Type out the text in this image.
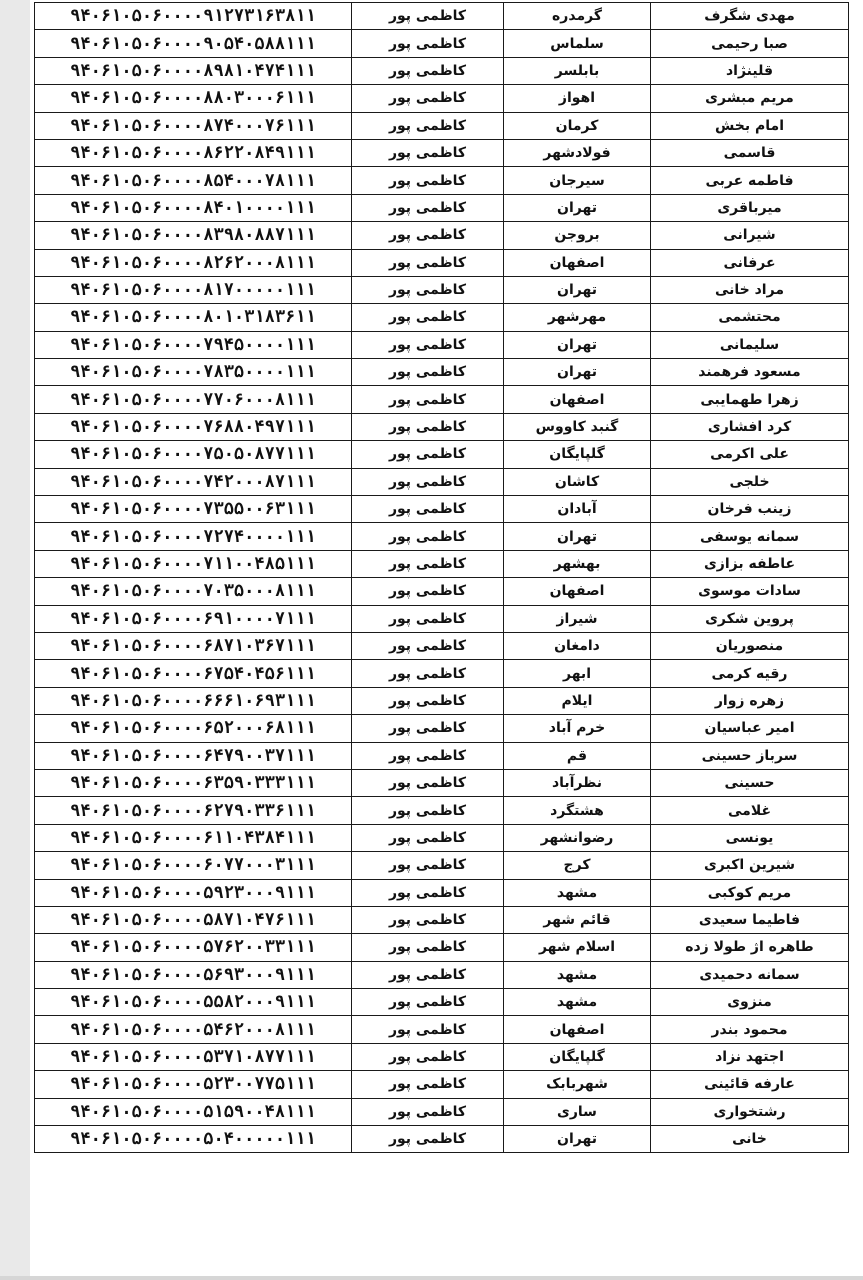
مهدی شگرف	گرمدره	کاظمی پور	۹۴۰۶۱۰۵۰۶۰۰۰۰۹۱۲۷۳۱۶۳۸۱۱
صبا رحیمی	سلماس	کاظمی پور	۹۴۰۶۱۰۵۰۶۰۰۰۰۹۰۵۴۰۵۸۸۱۱۱
قلینژاد	بابلسر	کاظمی پور	۹۴۰۶۱۰۵۰۶۰۰۰۰۸۹۸۱۰۴۷۴۱۱۱
مریم مبشری	اهواز	کاظمی پور	۹۴۰۶۱۰۵۰۶۰۰۰۰۸۸۰۳۰۰۰۶۱۱۱
امام بخش	کرمان	کاظمی پور	۹۴۰۶۱۰۵۰۶۰۰۰۰۸۷۴۰۰۰۷۶۱۱۱
قاسمی	فولادشهر	کاظمی پور	۹۴۰۶۱۰۵۰۶۰۰۰۰۸۶۲۲۰۸۴۹۱۱۱
فاطمه عربی	سیرجان	کاظمی پور	۹۴۰۶۱۰۵۰۶۰۰۰۰۸۵۴۰۰۰۷۸۱۱۱
میرباقری	تهران	کاظمی پور	۹۴۰۶۱۰۵۰۶۰۰۰۰۸۴۰۱۰۰۰۰۱۱۱
شیرانی	بروجن	کاظمی پور	۹۴۰۶۱۰۵۰۶۰۰۰۰۸۳۹۸۰۸۸۷۱۱۱
عرفانی	اصفهان	کاظمی پور	۹۴۰۶۱۰۵۰۶۰۰۰۰۸۲۶۲۰۰۰۸۱۱۱
مراد خانی	تهران	کاظمی پور	۹۴۰۶۱۰۵۰۶۰۰۰۰۸۱۷۰۰۰۰۰۱۱۱
محتشمی	مهرشهر	کاظمی پور	۹۴۰۶۱۰۵۰۶۰۰۰۰۸۰۱۰۳۱۸۳۶۱۱
سلیمانی	تهران	کاظمی پور	۹۴۰۶۱۰۵۰۶۰۰۰۰۷۹۴۵۰۰۰۰۱۱۱
مسعود فرهمند	تهران	کاظمی پور	۹۴۰۶۱۰۵۰۶۰۰۰۰۷۸۳۵۰۰۰۰۱۱۱
زهرا طهمایبی	اصفهان	کاظمی پور	۹۴۰۶۱۰۵۰۶۰۰۰۰۷۷۰۶۰۰۰۸۱۱۱
کرد افشاری	گنبد کاووس	کاظمی پور	۹۴۰۶۱۰۵۰۶۰۰۰۰۷۶۸۸۰۴۹۷۱۱۱
علی اکرمی	گلپایگان	کاظمی پور	۹۴۰۶۱۰۵۰۶۰۰۰۰۷۵۰۵۰۸۷۷۱۱۱
خلجی	کاشان	کاظمی پور	۹۴۰۶۱۰۵۰۶۰۰۰۰۷۴۲۰۰۰۸۷۱۱۱
زینب فرخان	آبادان	کاظمی پور	۹۴۰۶۱۰۵۰۶۰۰۰۰۷۳۵۵۰۰۶۳۱۱۱
سمانه یوسفی	تهران	کاظمی پور	۹۴۰۶۱۰۵۰۶۰۰۰۰۷۲۷۴۰۰۰۰۱۱۱
عاطفه بزازی	بهشهر	کاظمی پور	۹۴۰۶۱۰۵۰۶۰۰۰۰۷۱۱۰۰۴۸۵۱۱۱
سادات موسوی	اصفهان	کاظمی پور	۹۴۰۶۱۰۵۰۶۰۰۰۰۷۰۳۵۰۰۰۸۱۱۱
پروین شکری	شیراز	کاظمی پور	۹۴۰۶۱۰۵۰۶۰۰۰۰۶۹۱۰۰۰۰۷۱۱۱
منصوریان	دامغان	کاظمی پور	۹۴۰۶۱۰۵۰۶۰۰۰۰۶۸۷۱۰۳۶۷۱۱۱
رقیه کرمی	ابهر	کاظمی پور	۹۴۰۶۱۰۵۰۶۰۰۰۰۶۷۵۴۰۴۵۶۱۱۱
زهره زوار	ایلام	کاظمی پور	۹۴۰۶۱۰۵۰۶۰۰۰۰۶۶۶۱۰۶۹۳۱۱۱
امیر عباسیان	خرم آباد	کاظمی پور	۹۴۰۶۱۰۵۰۶۰۰۰۰۶۵۲۰۰۰۶۸۱۱۱
سرباز حسینی	قم	کاظمی پور	۹۴۰۶۱۰۵۰۶۰۰۰۰۶۴۷۹۰۰۳۷۱۱۱
حسینی	نظرآباد	کاظمی پور	۹۴۰۶۱۰۵۰۶۰۰۰۰۶۳۵۹۰۳۳۳۱۱۱
غلامی	هشتگرد	کاظمی پور	۹۴۰۶۱۰۵۰۶۰۰۰۰۶۲۷۹۰۳۳۶۱۱۱
یونسی	رضوانشهر	کاظمی پور	۹۴۰۶۱۰۵۰۶۰۰۰۰۶۱۱۰۴۳۸۴۱۱۱
شیرین اکبری	کرج	کاظمی پور	۹۴۰۶۱۰۵۰۶۰۰۰۰۶۰۷۷۰۰۰۳۱۱۱
مریم کوکبی	مشهد	کاظمی پور	۹۴۰۶۱۰۵۰۶۰۰۰۰۵۹۲۳۰۰۰۹۱۱۱
فاطیما سعیدی	قائم شهر	کاظمی پور	۹۴۰۶۱۰۵۰۶۰۰۰۰۵۸۷۱۰۴۷۶۱۱۱
طاهره اژ طولا زده	اسلام شهر	کاظمی پور	۹۴۰۶۱۰۵۰۶۰۰۰۰۵۷۶۲۰۰۳۳۱۱۱
سمانه دحمیدی	مشهد	کاظمی پور	۹۴۰۶۱۰۵۰۶۰۰۰۰۵۶۹۳۰۰۰۹۱۱۱
منزوی	مشهد	کاظمی پور	۹۴۰۶۱۰۵۰۶۰۰۰۰۵۵۸۲۰۰۰۹۱۱۱
محمود بندر	اصفهان	کاظمی پور	۹۴۰۶۱۰۵۰۶۰۰۰۰۵۴۶۲۰۰۰۸۱۱۱
اجتهد نزاد	گلپایگان	کاظمی پور	۹۴۰۶۱۰۵۰۶۰۰۰۰۵۳۷۱۰۸۷۷۱۱۱
عارفه قائینی	شهربابک	کاظمی پور	۹۴۰۶۱۰۵۰۶۰۰۰۰۵۲۳۰۰۷۷۵۱۱۱
رشتخواری	ساری	کاظمی پور	۹۴۰۶۱۰۵۰۶۰۰۰۰۵۱۵۹۰۰۴۸۱۱۱
خانی	تهران	کاظمی پور	۹۴۰۶۱۰۵۰۶۰۰۰۰۵۰۴۰۰۰۰۰۱۱۱
